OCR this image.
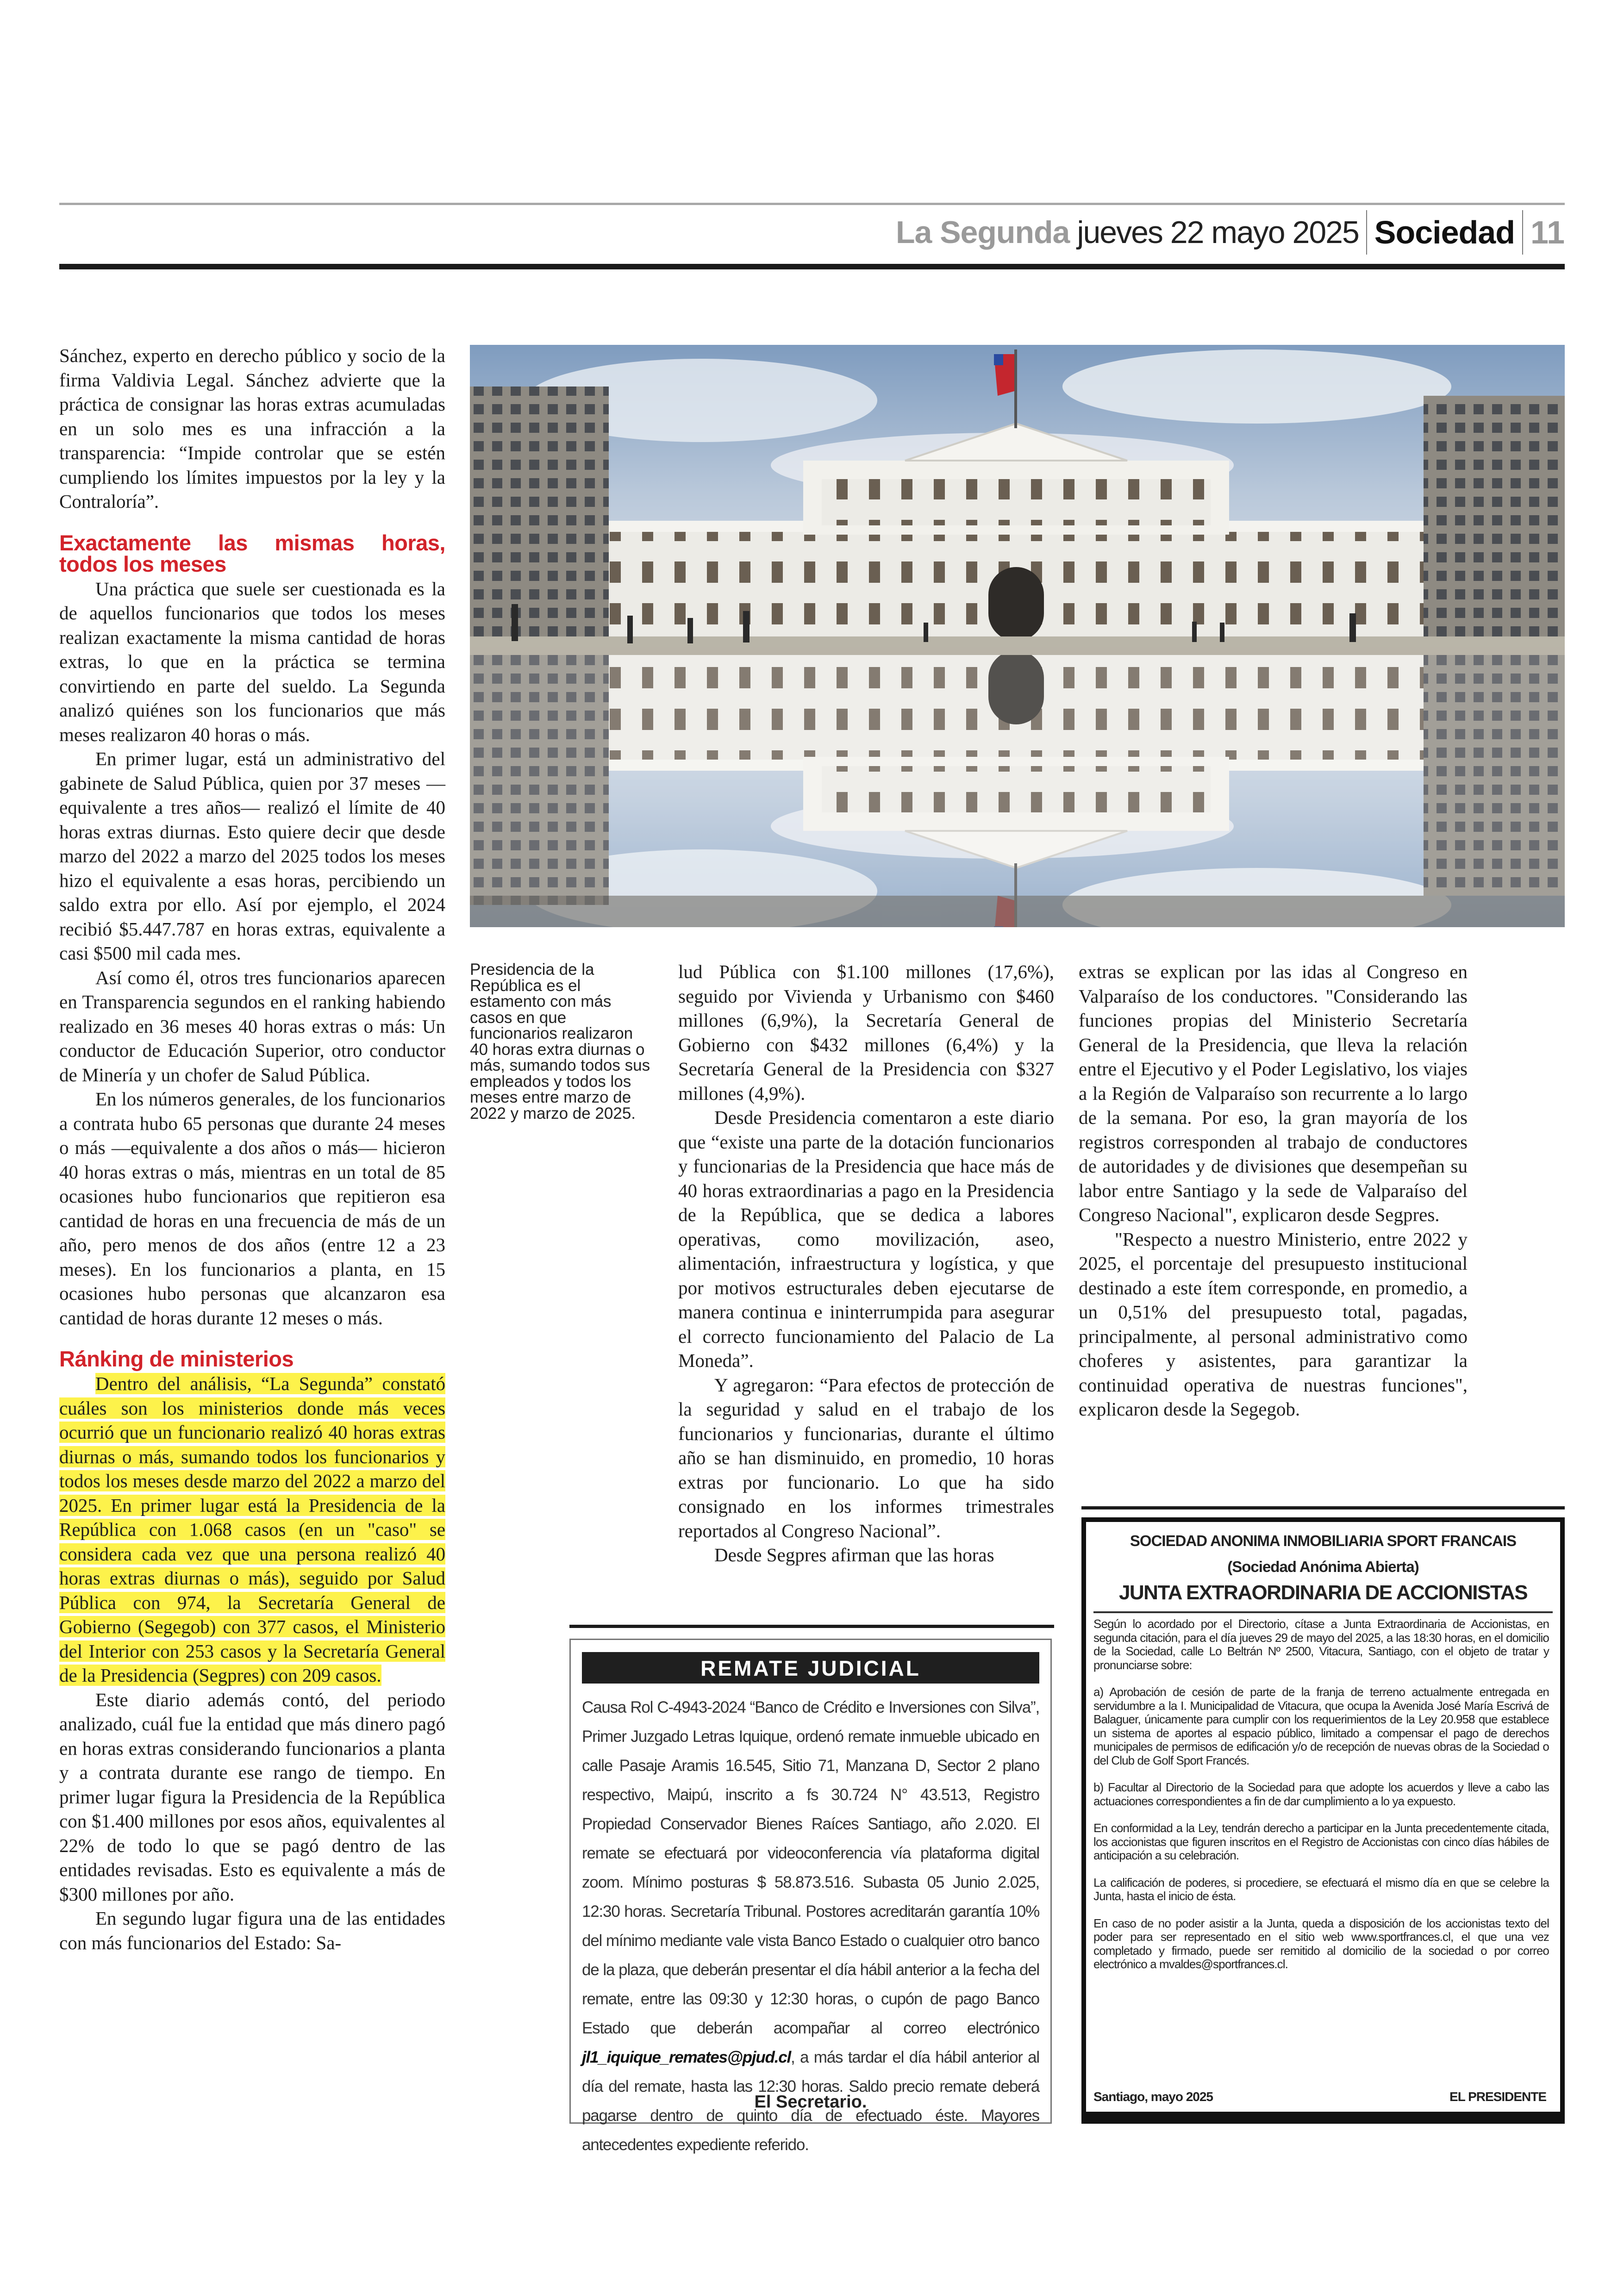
La Segunda jueves 22 mayo 2025 Sociedad 11

Sánchez, experto en derecho público y socio de la firma Valdivia Legal. Sánchez advierte que la práctica de consignar las horas extras acumuladas en un solo mes es una infracción a la transparencia: “Impide controlar que se estén cumpliendo los límites impuestos por la ley y la Contraloría”.

Exactamente las mismas horas, todos los meses

Una práctica que suele ser cuestionada es la de aquellos funcionarios que todos los meses realizan exactamente la misma cantidad de horas extras, lo que en la práctica se termina convirtiendo en parte del sueldo. La Segunda analizó quiénes son los funcionarios que más meses realizaron 40 horas o más.

En primer lugar, está un administrativo del gabinete de Salud Pública, quien por 37 meses —equivalente a tres años— realizó el límite de 40 horas extras diurnas. Esto quiere decir que desde marzo del 2022 a marzo del 2025 todos los meses hizo el equivalente a esas horas, percibiendo un saldo extra por ello. Así por ejemplo, el 2024 recibió $5.447.787 en horas extras, equivalente a casi $500 mil cada mes.

Así como él, otros tres funcionarios aparecen en Transparencia segundos en el ranking habiendo realizado en 36 meses 40 horas extras o más: Un conductor de Educación Superior, otro conductor de Minería y un chofer de Salud Pública.

En los números generales, de los funcionarios a contrata hubo 65 personas que durante 24 meses o más —equivalente a dos años o más— hicieron 40 horas extras o más, mientras en un total de 85 ocasiones hubo funcionarios que repitieron esa cantidad de horas en una frecuencia de más de un año, pero menos de dos años (entre 12 a 23 meses). En los funcionarios a planta, en 15 ocasiones hubo personas que alcanzaron esa cantidad de horas durante 12 meses o más.

Ránking de ministerios

Dentro del análisis, “La Segunda” constató cuáles son los ministerios donde más veces ocurrió que un funcionario realizó 40 horas extras diurnas o más, sumando todos los funcionarios y todos los meses desde marzo del 2022 a marzo del 2025. En primer lugar está la Presidencia de la República con 1.068 casos (en un "caso" se considera cada vez que una persona realizó 40 horas extras diurnas o más), seguido por Salud Pública con 974, la Secretaría General de Gobierno (Segegob) con 377 casos, el Ministerio del Interior con 253 casos y la Secretaría General de la Presidencia (Segpres) con 209 casos.

Este diario además contó, del periodo analizado, cuál fue la entidad que más dinero pagó en horas extras considerando funcionarios a planta y a contrata durante ese rango de tiempo. En primer lugar figura la Presidencia de la República con $1.400 millones por esos años, equivalentes al 22% de todo lo que se pagó dentro de las entidades revisadas. Esto es equivalente a más de $300 millones por año.

En segundo lugar figura una de las entidades con más funcionarios del Estado: Sa-

Presidencia de la República es el estamento con más casos en que funcionarios realizaron 40 horas extra diurnas o más, sumando todos sus empleados y todos los meses entre marzo de 2022 y marzo de 2025.

lud Pública con $1.100 millones (17,6%), seguido por Vivienda y Urbanismo con $460 millones (6,9%), la Secretaría General de Gobierno con $432 millones (6,4%) y la Secretaría General de la Presidencia con $327 millones (4,9%).

Desde Presidencia comentaron a este diario que “existe una parte de la dotación funcionarios y funcionarias de la Presidencia que hace más de 40 horas extraordinarias a pago en la Presidencia de la República, que se dedica a labores operativas, como movilización, aseo, alimentación, infraestructura y logística, y que por motivos estructurales deben ejecutarse de manera continua e ininterrumpida para asegurar el correcto funcionamiento del Palacio de La Moneda”.

Y agregaron: “Para efectos de protección de la seguridad y salud en el trabajo de los funcionarios y funcionarias, durante el último año se han disminuido, en promedio, 10 horas extras por funcionario. Lo que ha sido consignado en los informes trimestrales reportados al Congreso Nacional”.

Desde Segpres afirman que las horas

extras se explican por las idas al Congreso en Valparaíso de los conductores. "Considerando las funciones propias del Ministerio Secretaría General de la Presidencia, que lleva la relación entre el Ejecutivo y el Poder Legislativo, los viajes a la Región de Valparaíso son recurrente a lo largo de la semana. Por eso, la gran mayoría de los registros corresponden al trabajo de conductores de autoridades y de divisiones que desempeñan su labor entre Santiago y la sede de Valparaíso del Congreso Nacional", explicaron desde Segpres.

"Respecto a nuestro Ministerio, entre 2022 y 2025, el porcentaje del presupuesto institucional destinado a este ítem corresponde, en promedio, a un 0,51% del presupuesto total, pagadas, principalmente, al personal administrativo como choferes y asistentes, para garantizar la continuidad operativa de nuestras funciones", explicaron desde la Segegob.

REMATE JUDICIAL
Causa Rol C-4943-2024 “Banco de Crédito e Inversiones con Silva”, Primer Juzgado Letras Iquique, ordenó remate inmueble ubicado en calle Pasaje Aramis 16.545, Sitio 71, Manzana D, Sector 2 plano respectivo, Maipú, inscrito a fs 30.724 N° 43.513, Registro Propiedad Conservador Bienes Raíces Santiago, año 2.020. El remate se efectuará por videoconferencia vía plataforma digital zoom. Mínimo posturas $ 58.873.516. Subasta 05 Junio 2.025, 12:30 horas. Secretaría Tribunal. Postores acreditarán garantía 10% del mínimo mediante vale vista Banco Estado o cualquier otro banco de la plaza, que deberán presentar el día hábil anterior a la fecha del remate, entre las 09:30 y 12:30 horas, o cupón de pago Banco Estado que deberán acompañar al correo electrónico jl1_iquique_remates@pjud.cl, a más tardar el día hábil anterior al día del remate, hasta las 12:30 horas. Saldo precio remate deberá pagarse dentro de quinto día de efectuado éste. Mayores antecedentes expediente referido.
El Secretario.
SOCIEDAD ANONIMA INMOBILIARIA SPORT FRANCAIS
(Sociedad Anónima Abierta)
JUNTA EXTRAORDINARIA DE ACCIONISTAS

Según lo acordado por el Directorio, cítase a Junta Extraordinaria de Accionistas, en segunda citación, para el día jueves 29 de mayo del 2025, a las 18:30 horas, en el domicilio de la Sociedad, calle Lo Beltrán Nº 2500, Vitacura, Santiago, con el objeto de tratar y pronunciarse sobre:

a) Aprobación de cesión de parte de la franja de terreno actualmente entregada en servidumbre a la I. Municipalidad de Vitacura, que ocupa la Avenida José María Escrivá de Balaguer, únicamente para cumplir con los requerimientos de la Ley 20.958 que establece un sistema de aportes al espacio público, limitado a compensar el pago de derechos municipales de permisos de edificación y/o de recepción de nuevas obras de la Sociedad o del Club de Golf Sport Francés.

b) Facultar al Directorio de la Sociedad para que adopte los acuerdos y lleve a cabo las actuaciones correspondientes a fin de dar cumplimiento a lo ya expuesto.

En conformidad a la Ley, tendrán derecho a participar en la Junta precedentemente citada, los accionistas que figuren inscritos en el Registro de Accionistas con cinco días hábiles de anticipación a su celebración.

La calificación de poderes, si procediere, se efectuará el mismo día en que se celebre la Junta, hasta el inicio de ésta.

En caso de no poder asistir a la Junta, queda a disposición de los accionistas texto del poder para ser representado en el sitio web www.sportfrances.cl, el que una vez completado y firmado, puede ser remitido al domicilio de la sociedad o por correo electrónico a mvaldes@sportfrances.cl.

Santiago, mayo 2025	EL PRESIDENTE
